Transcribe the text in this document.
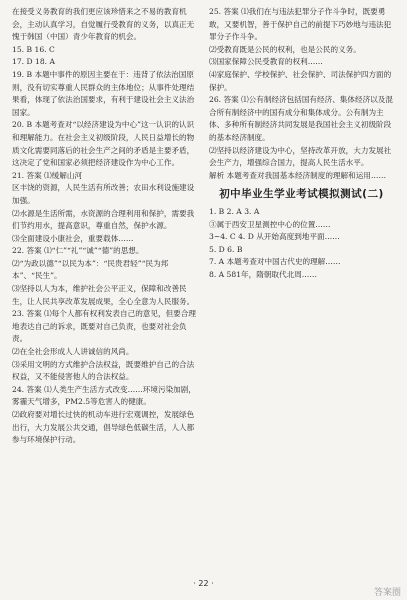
在接受义务教育的我们更应该珍惜来之不易的教育机会，主动认真学习，自觉履行受教育的义务，以真正无愧于韩国（中国）青少年教育的机会。

15. B 16. C

17. D 18. A

19. B 本题中事件的原因主要在于：违背了依法治国原则，没有切实尊重人民群众的主体地位；从事件处理结果看，体现了依法治国要求，有利于建设社会主义法治国家。

20. B 本题考查对“以经济建设为中心”这一认识的认识和理解能力。在社会主义初级阶段，人民日益增长的物质文化需要同落后的社会生产之间的矛盾是主要矛盾，这决定了党和国家必须把经济建设作为中心工作。

21. 答案 ⑴缓解山河

区丰饶的资源，人民生活有所改善；农田水利设施建设加强。

⑵水源是生活所需，水资源的合理利用和保护，需要我们节约用水，提高意识，尊重自然，保护水源。

⑶全面建设小康社会，重要载体……

22. 答案 ⑴“仁”“礼”“诚”“德”的思想。

⑵“为政以德”“以民为本”：“民贵君轻”“民为邦本”、“民生”。

⑶坚持以人为本，维护社会公平正义，保障和改善民生，让人民共享改革发展成果，全心全意为人民服务。

23. 答案 ⑴每个人都有权利发表自己的意见，但要合理地表达自己的诉求，既要对自己负责，也要对社会负责。

⑵在全社会形成人人讲诚信的风尚。

⑶采用文明的方式维护合法权益，既要维护自己的合法权益，又不能侵害他人的合法权益。

24. 答案 ⑴人类生产生活方式改变……环境污染加剧，雾霾天气增多，PM2.5等危害人的健康。

⑵政府要对增长过快的机动车进行宏观调控，发展绿色出行，大力发展公共交通，倡导绿色低碳生活，人人都参与环境保护行动。

25. 答案 ⑴我们在与违法犯罪分子作斗争时，既要勇敢，又要机智，善于保护自己的前提下巧妙地与违法犯罪分子作斗争。

⑵受教育既是公民的权利，也是公民的义务。

⑶国家保障公民受教育的权利……

⑷家庭保护、学校保护、社会保护、司法保护四方面的保护。

26. 答案 ⑴公有制经济包括国有经济、集体经济以及混合所有制经济中的国有成分和集体成分。公有制为主体、多种所有制经济共同发展是我国社会主义初级阶段的基本经济制度。

⑵坚持以经济建设为中心，坚持改革开放，大力发展社会生产力，增强综合国力，提高人民生活水平。

解析 本题考查对我国基本经济制度的理解和运用……

初中毕业生学业考试模拟测试(二)

1. B 2. A 3. A

③属于西安卫星测控中心的位置……

3~4. C 4. D 从开始高度到地平面……

5. D 6. B

7. A 本题考查对中国古代史的理解……

8. A 581年，隋朝取代北周……

· 22 ·
答案圈
